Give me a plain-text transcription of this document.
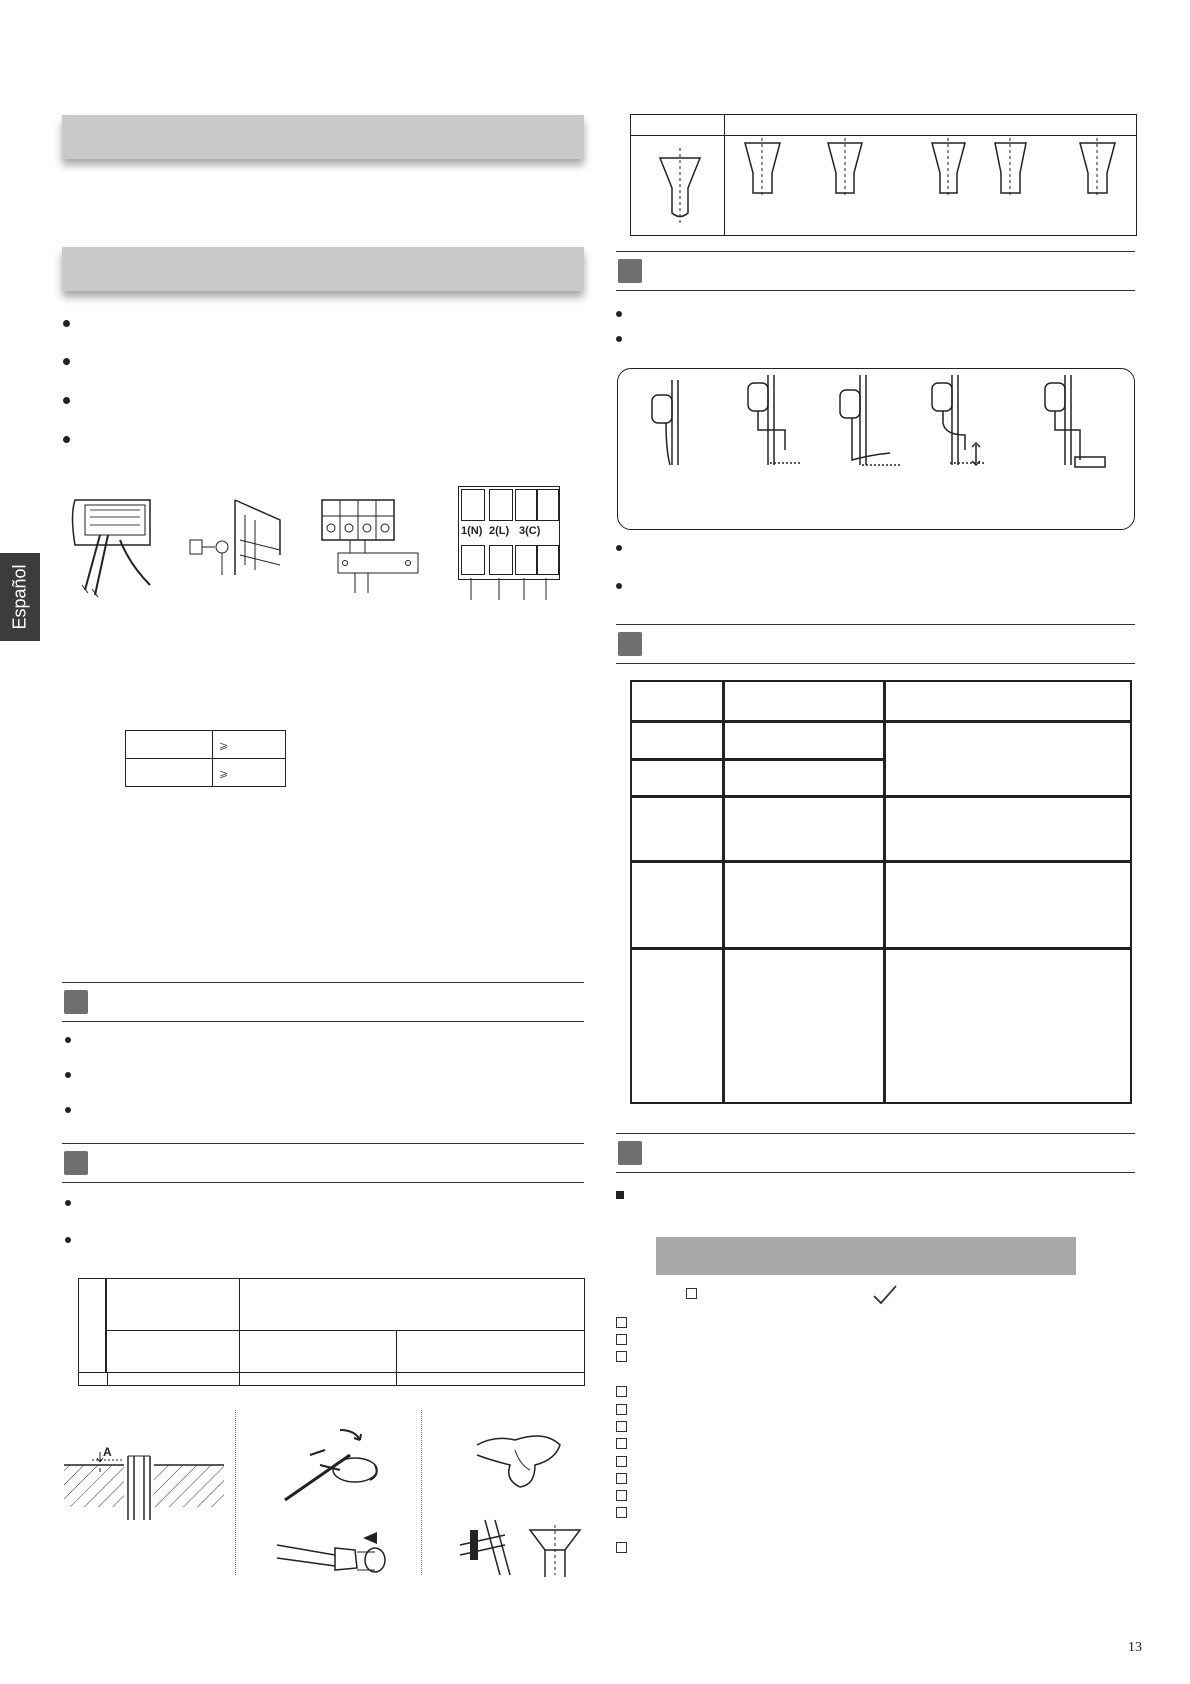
Español
1(N) 2(L) 3(C)
	⩾
	⩾
A
13
